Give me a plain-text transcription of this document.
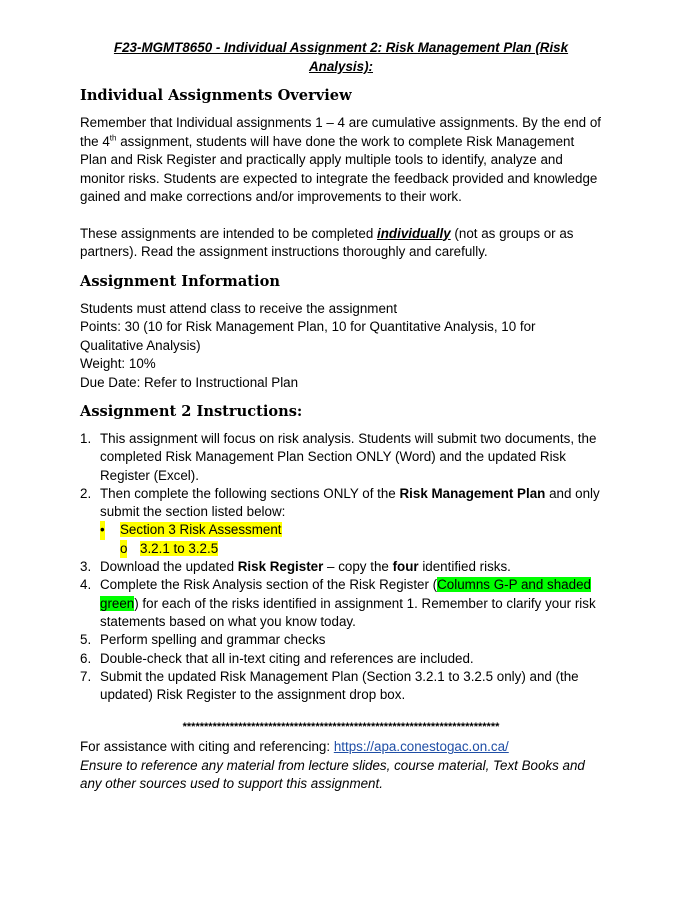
F23-MGMT8650 - Individual Assignment 2: Risk Management Plan (Risk
Analysis):
Individual Assignments Overview

Remember that Individual assignments 1 – 4 are cumulative assignments. By the end of the 4th assignment, students will have done the work to complete Risk Management Plan and Risk Register and practically apply multiple tools to identify, analyze and monitor risks. Students are expected to integrate the feedback provided and knowledge gained and make corrections and/or improvements to their work.

These assignments are intended to be completed individually (not as groups or as partners). Read the assignment instructions thoroughly and carefully.

Assignment Information

Students must attend class to receive the assignment

Points: 30 (10 for Risk Management Plan, 10 for Quantitative Analysis, 10 for Qualitative Analysis)

Weight: 10%

Due Date: Refer to Instructional Plan

Assignment 2 Instructions:
1. This assignment will focus on risk analysis. Students will submit two documents, the completed Risk Management Plan Section ONLY (Word) and the updated Risk Register (Excel).
2. Then complete the following sections ONLY of the Risk Management Plan and only submit the section listed below:
• Section 3 Risk Assessment
o 3.2.1 to 3.2.5
3. Download the updated Risk Register – copy the four identified risks.
4. Complete the Risk Analysis section of the Risk Register (Columns G-P and shaded green) for each of the risks identified in assignment 1. Remember to clarify your risk statements based on what you know today.
5. Perform spelling and grammar checks
6. Double-check that all in-text citing and references are included.
7. Submit the updated Risk Management Plan (Section 3.2.1 to 3.2.5 only) and (the updated) Risk Register to the assignment drop box.
**************************************************************************

For assistance with citing and referencing: https://apa.conestogac.on.ca/

Ensure to reference any material from lecture slides, course material, Text Books and any other sources used to support this assignment.
